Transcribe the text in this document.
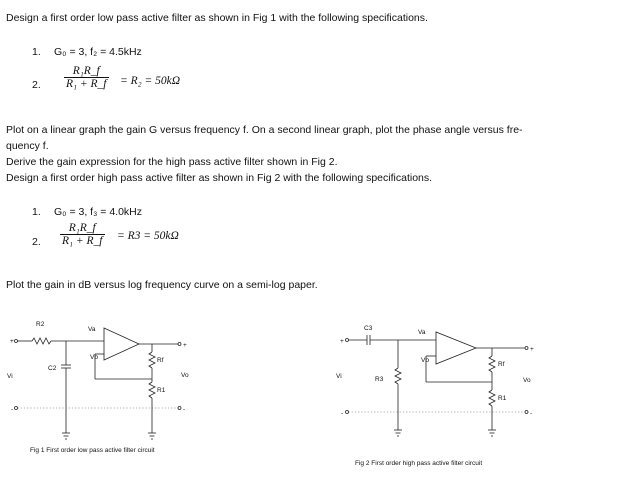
Design a first order low pass active filter as shown in Fig 1 with the following specifications.
1. G₀ = 3, f₂ = 4.5kHz
2. $\frac{\text{R₁R\_f}}{\text{R₁ + R\_f}} = R_2 = 50k\Omega$
Plot on a linear graph the gain G versus frequency f. On a second linear graph, plot the phase angle versus fre-
quency f.
Derive the gain expression for the high pass active filter shown in Fig 2.
Design a first order high pass active filter as shown in Fig 2 with the following specifications.
1. G₀ = 3, f₃ = 4.0kHz
2. $\frac{\text{R₁R\_f}}{\text{R₁ + R\_f}} = R3 = 50k\Omega$
Plot the gain in dB versus log frequency curve on a semi-log paper.
+
-
+
-
R2
Va
Vb
C2
Rf
R1
Vi	Vo
Fig 1 First order low pass active filter circuit
+
-
+
-
C3
Va
Vb
R3
Rf
R1
Vi
Vo
Fig 2 First order high pass active filter circuit
